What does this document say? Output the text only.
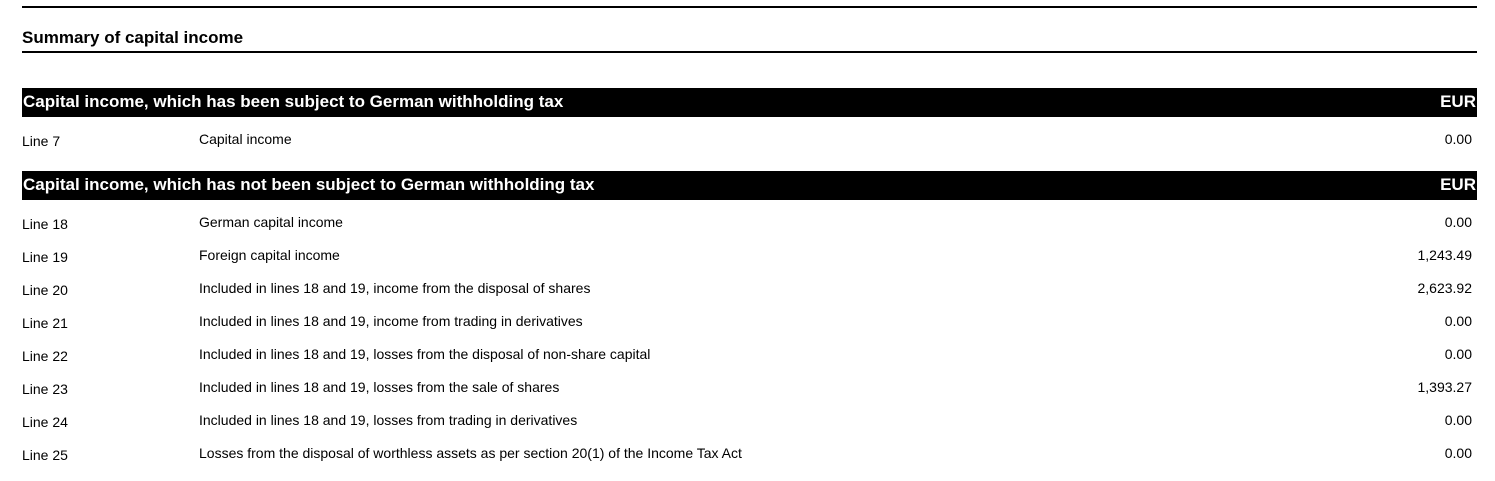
Summary of capital income
Capital income, which has been subject to German withholding tax	EUR
Line 7	Capital income	0.00
Capital income, which has not been subject to German withholding tax	EUR
Line 18	German capital income	0.00
Line 19	Foreign capital income	1,243.49
Line 20	Included in lines 18 and 19, income from the disposal of shares	2,623.92
Line 21	Included in lines 18 and 19, income from trading in derivatives	0.00
Line 22	Included in lines 18 and 19, losses from the disposal of non-share capital	0.00
Line 23	Included in lines 18 and 19, losses from the sale of shares	1,393.27
Line 24	Included in lines 18 and 19, losses from trading in derivatives	0.00
Line 25	Losses from the disposal of worthless assets as per section 20(1) of the Income Tax Act	0.00
